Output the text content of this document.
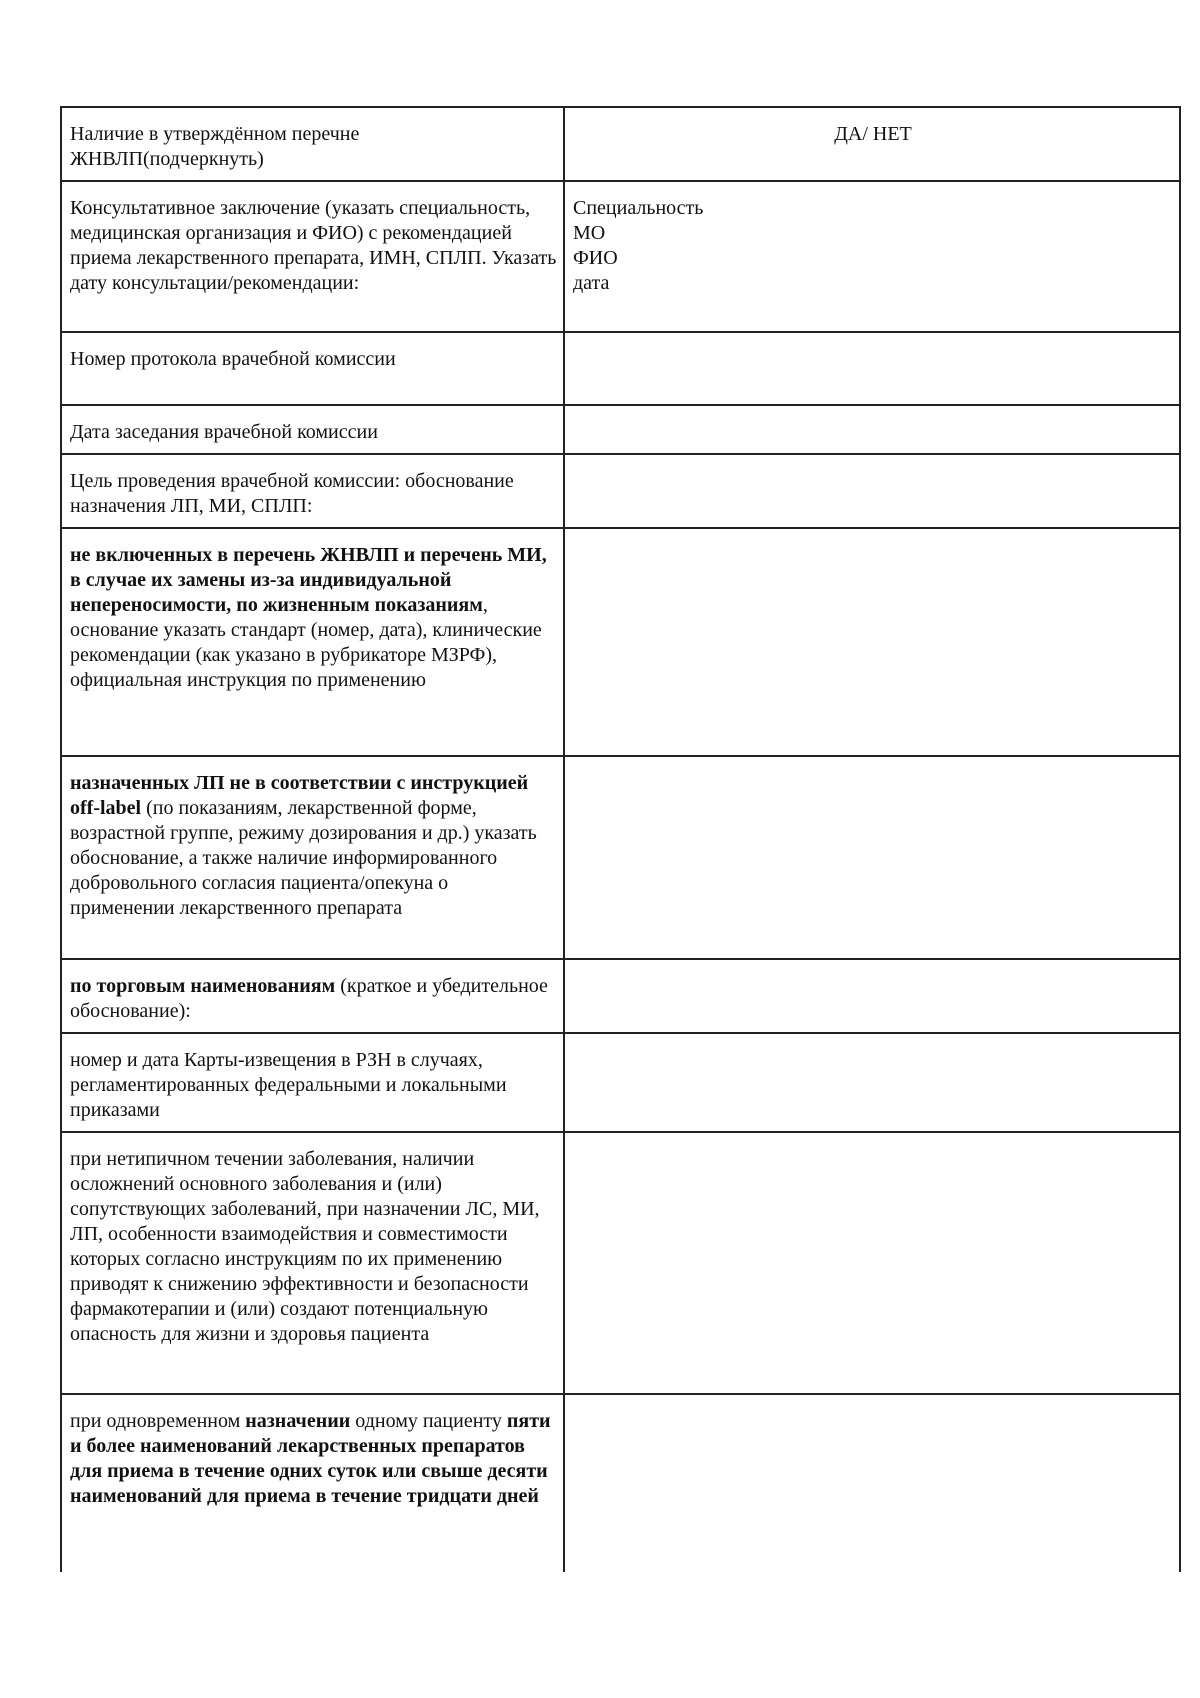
Наличие в утверждённом перечне ЖНВЛП(подчеркнуть)	ДА/ НЕТ
Консультативное заключение (указать специальность, медицинская организация и ФИО) с рекомендацией приема лекарственного препарата, ИМН, СПЛП. Указать дату консультации/рекомендации:	Специальность
МО
ФИО
дата

Номер протокола врачебной комиссии	
Дата заседания врачебной комиссии	
Цель проведения врачебной комиссии: обоснование назначения ЛП, МИ, СПЛП:	
не включенных в перечень ЖНВЛП и перечень МИ, в случае их замены из-за индивидуальной непереносимости, по жизненным показаниям, основание указать стандарт (номер, дата), клинические рекомендации (как указано в рубрикаторе МЗРФ), официальная инструкция по применению	
назначенных ЛП не в соответствии с инструкцией off-label (по показаниям, лекарственной форме, возрастной группе, режиму дозирования и др.) указать обоснование, а также наличие информированного добровольного согласия пациента/опекуна о применении лекарственного препарата	
по торговым наименованиям (краткое и убедительное обоснование):	
номер и дата Карты-извещения в РЗН в случаях, регламентированных федеральными и локальными приказами	
при нетипичном течении заболевания, наличии осложнений основного заболевания и (или) сопутствующих заболеваний, при назначении ЛС, МИ, ЛП, особенности взаимодействия и совместимости которых согласно инструкциям по их применению приводят к снижению эффективности и безопасности фармакотерапии и (или) создают потенциальную опасность для жизни и здоровья пациента	
при одновременном назначении одному пациенту пяти и более наименований лекарственных препаратов для приема в течение одних суток или свыше десяти наименований для приема в течение тридцати дней	
